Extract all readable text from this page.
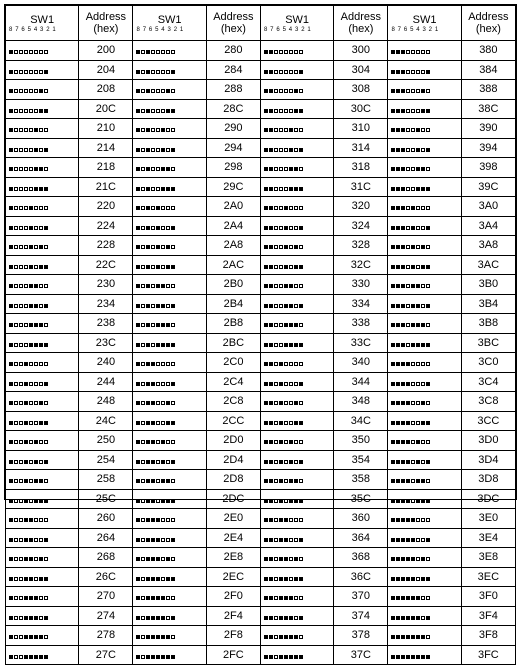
SW1
8 7 6 5 4 3 2 1	Address
(hex)	SW1
8 7 6 5 4 3 2 1	Address
(hex)	SW1
8 7 6 5 4 3 2 1	Address
(hex)	SW1
8 7 6 5 4 3 2 1	Address
(hex)

	200		280		300		380

	204		284		304		384

	208		288		308		388

	20C		28C		30C		38C

	210		290		310		390

	214		294		314		394

	218		298		318		398

	21C		29C		31C		39C

	220		2A0		320		3A0

	224		2A4		324		3A4

	228		2A8		328		3A8

	22C		2AC		32C		3AC

	230		2B0		330		3B0

	234		2B4		334		3B4

	238		2B8		338		3B8

	23C		2BC		33C		3BC

	240		2C0		340		3C0

	244		2C4		344		3C4

	248		2C8		348		3C8

	24C		2CC		34C		3CC

	250		2D0		350		3D0

	254		2D4		354		3D4

	258		2D8		358		3D8

	25C		2DC		35C		3DC

	260		2E0		360		3E0

	264		2E4		364		3E4

	268		2E8		368		3E8

	26C		2EC		36C		3EC

	270		2F0		370		3F0

	274		2F4		374		3F4

	278		2F8		378		3F8

	27C		2FC		37C		3FC
